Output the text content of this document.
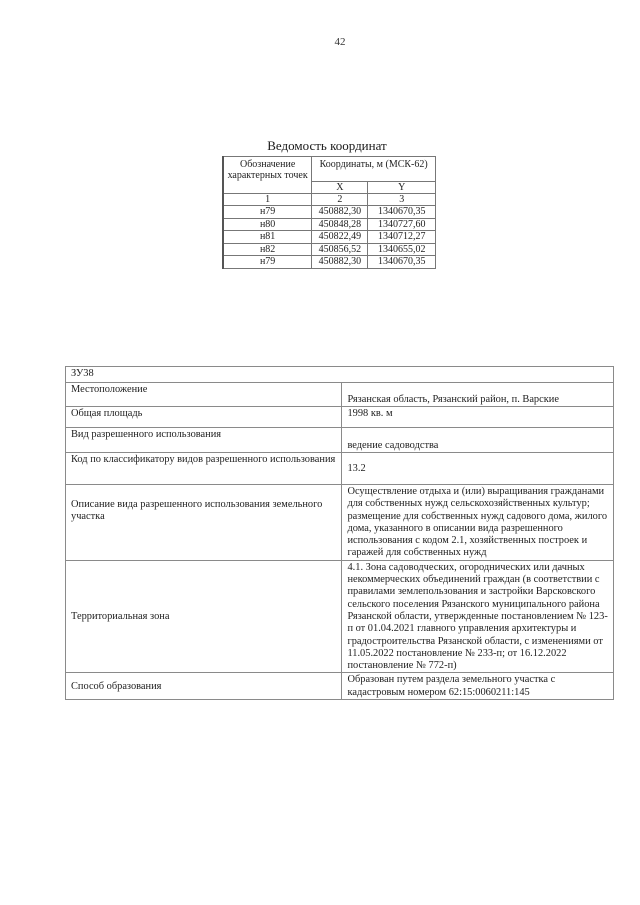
42
Ведомость координат
Обозначение характерных точек	Координаты, м (МСК-62)	
	X	Y
1	2	3
н79	450882,30	1340670,35
н80	450848,28	1340727,60
н81	450822,49	1340712,27
н82	450856,52	1340655,02
н79	450882,30	1340670,35
ЗУ38	
Местоположение	Рязанская область, Рязанский район, п. Варские
Общая площадь	1998 кв. м
Вид разрешенного использования	ведение садоводства
Код по классификатору видов разрешенного использования	13.2
Описание вида разрешенного использования земельного участка	Осуществление отдыха и (или) выращивания гражданами для собственных нужд сельскохозяйственных культур; размещение для собственных нужд садового дома, жилого дома, указанного в описании вида разрешенного использования с кодом 2.1, хозяйственных построек и гаражей для собственных нужд
Территориальная зона	4.1. Зона садоводческих, огороднических или дачных некоммерческих объединений граждан (в соответствии с правилами землепользования и застройки Варсковского сельского поселения Рязанского муниципального района Рязанской области, утвержденные постановлением № 123-п от 01.04.2021 главного управления архитектуры и градостроительства Рязанской области, с изменениями от 11.05.2022 постановление № 233-п; от 16.12.2022 постановление № 772-п)
Способ образования	Образован путем раздела земельного участка с кадастровым номером 62:15:0060211:145
